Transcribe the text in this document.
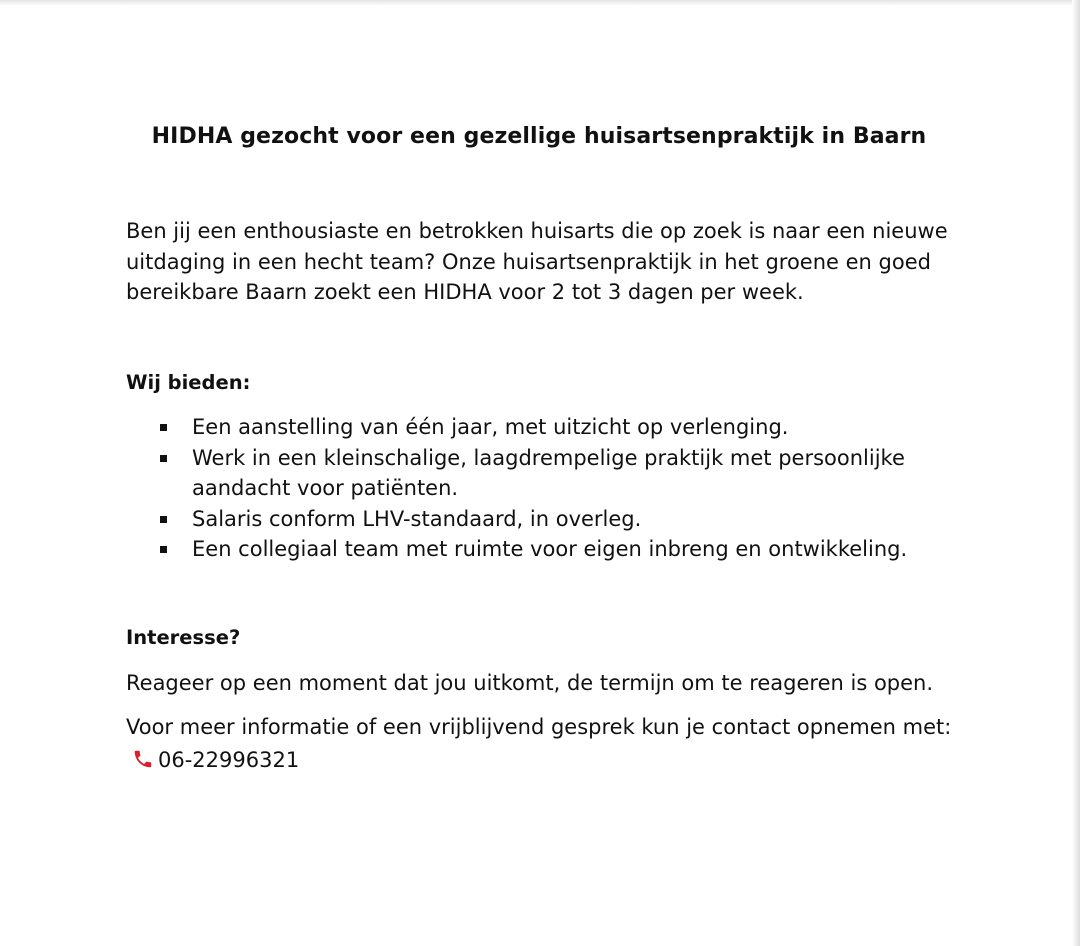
HIDHA gezocht voor een gezellige huisartsenpraktijk in Baarn

Ben jij een enthousiaste en betrokken huisarts die op zoek is naar een nieuwe uitdaging in een hecht team? Onze huisartsenpraktijk in het groene en goed bereikbare Baarn zoekt een HIDHA voor 2 tot 3 dagen per week.

Wij bieden:
Een aanstelling van één jaar, met uitzicht op verlenging.
Werk in een kleinschalige, laagdrempelige praktijk met persoonlijke aandacht voor patiënten.
Salaris conform LHV-standaard, in overleg.
Een collegiaal team met ruimte voor eigen inbreng en ontwikkeling.
Interesse?

Reageer op een moment dat jou uitkomt, de termijn om te reageren is open.

Voor meer informatie of een vrijblijvend gesprek kun je contact opnemen met:06-22996321
